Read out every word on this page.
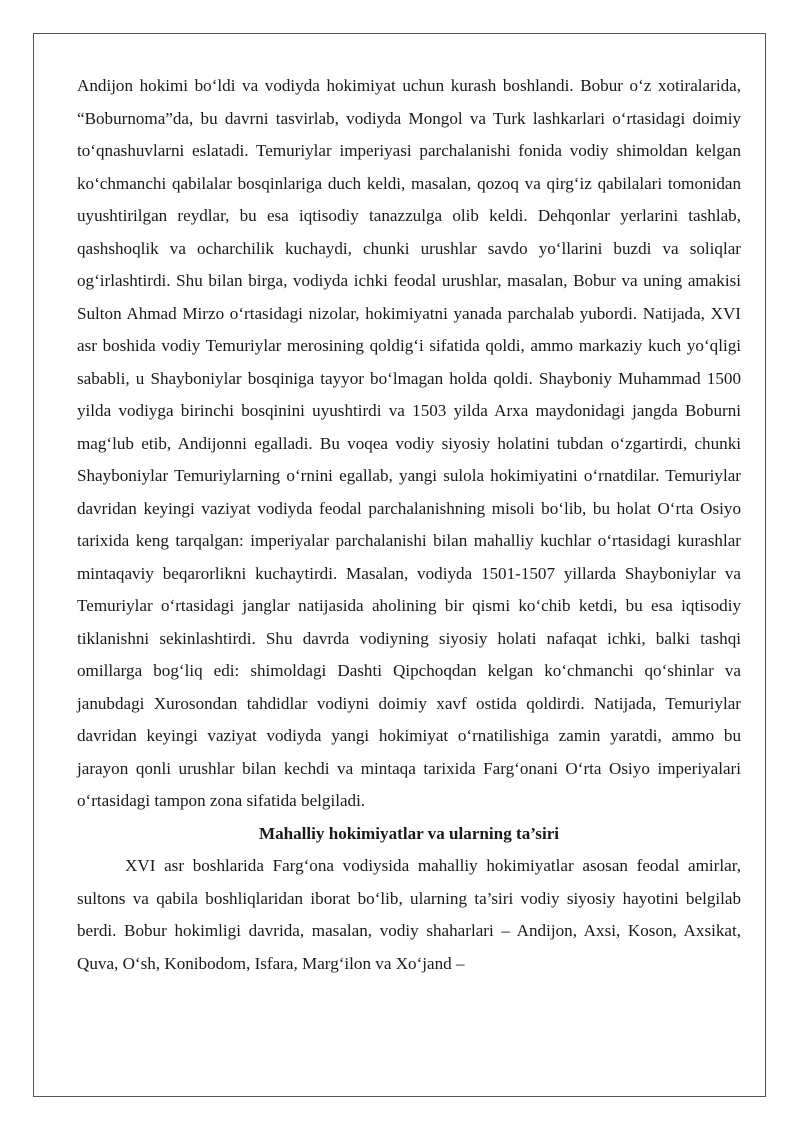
Andijon hokimi bo‘ldi va vodiyda hokimiyat uchun kurash boshlandi. Bobur o‘z xotiralarida, “Boburnoma”da, bu davrni tasvirlab, vodiyda Mongol va Turk lashkarlari o‘rtasidagi doimiy to‘qnashuvlarni eslatadi. Temuriylar imperiyasi parchalanishi fonida vodiy shimoldan kelgan ko‘chmanchi qabilalar bosqinlariga duch keldi, masalan, qozoq va qirg‘iz qabilalari tomonidan uyushtirilgan reydlar, bu esa iqtisodiy tanazzulga olib keldi. Dehqonlar yerlarini tashlab, qashshoqlik va ocharchilik kuchaydi, chunki urushlar savdo yo‘llarini buzdi va soliqlar og‘irlashtirdi. Shu bilan birga, vodiyda ichki feodal urushlar, masalan, Bobur va uning amakisi Sulton Ahmad Mirzo o‘rtasidagi nizolar, hokimiyatni yanada parchalab yubordi. Natijada, XVI asr boshida vodiy Temuriylar merosining qoldig‘i sifatida qoldi, ammo markaziy kuch yo‘qligi sababli, u Shayboniylar bosqiniga tayyor bo‘lmagan holda qoldi. Shayboniy Muhammad 1500 yilda vodiyga birinchi bosqinini uyushtirdi va 1503 yilda Arxa maydonidagi jangda Boburni mag‘lub etib, Andijonni egalladi. Bu voqea vodiy siyosiy holatini tubdan o‘zgartirdi, chunki Shayboniylar Temuriylarning o‘rnini egallab, yangi sulola hokimiyatini o‘rnatdilar. Temuriylar davridan keyingi vaziyat vodiyda feodal parchalanishning misoli bo‘lib, bu holat O‘rta Osiyo tarixida keng tarqalgan: imperiyalar parchalanishi bilan mahalliy kuchlar o‘rtasidagi kurashlar mintaqaviy beqarorlikni kuchaytirdi. Masalan, vodiyda 1501-1507 yillarda Shayboniylar va Temuriylar o‘rtasidagi janglar natijasida aholining bir qismi ko‘chib ketdi, bu esa iqtisodiy tiklanishni sekinlashtirdi. Shu davrda vodiyning siyosiy holati nafaqat ichki, balki tashqi omillarga bog‘liq edi: shimoldagi Dashti Qipchoqdan kelgan ko‘chmanchi qo‘shinlar va janubdagi Xurosondan tahdidlar vodiyni doimiy xavf ostida qoldirdi. Natijada, Temuriylar davridan keyingi vaziyat vodiyda yangi hokimiyat o‘rnatilishiga zamin yaratdi, ammo bu jarayon qonli urushlar bilan kechdi va mintaqa tarixida Farg‘onani O‘rta Osiyo imperiyalari o‘rtasidagi tampon zona sifatida belgiladi.

Mahalliy hokimiyatlar va ularning ta’siri

XVI asr boshlarida Farg‘ona vodiysida mahalliy hokimiyatlar asosan feodal amirlar, sultons va qabila boshliqlaridan iborat bo‘lib, ularning ta’siri vodiy siyosiy hayotini belgilab berdi. Bobur hokimligi davrida, masalan, vodiy shaharlari – Andijon, Axsi, Koson, Axsikat, Quva, O‘sh, Konibodom, Isfara, Marg‘ilon va Xo‘jand –
